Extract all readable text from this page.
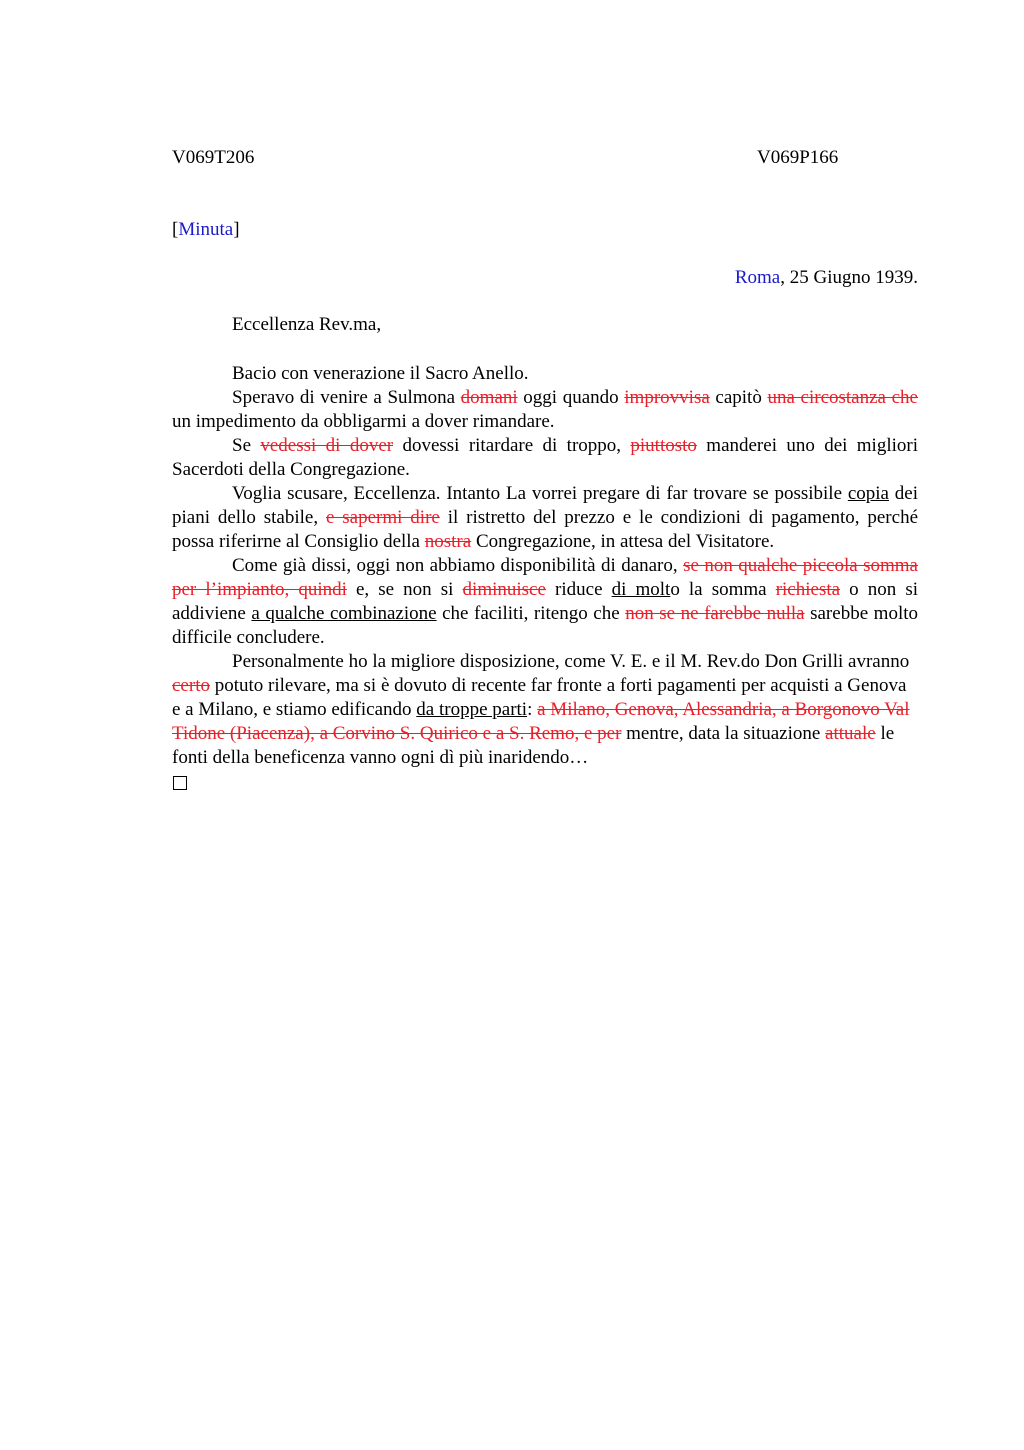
V069T206	V069P166
[Minuta]
Roma, 25 Giugno 1939.
Eccellenza Rev.ma,

Bacio con venerazione il Sacro Anello.

Speravo di venire a Sulmona domani oggi quando improvvisa capitò una circostanza che un impedimento da obbligarmi a dover rimandare.

Se vedessi di dover dovessi ritardare di troppo, piuttosto manderei uno dei migliori Sacerdoti della Congregazione.

Voglia scusare, Eccellenza. Intanto La vorrei pregare di far trovare se possibile copia dei piani dello stabile, e sapermi dire il ristretto del prezzo e le condizioni di pagamento, perché possa riferirne al Consiglio della nostra Congregazione, in attesa del Visitatore.

Come già dissi, oggi non abbiamo disponibilità di danaro, se non qualche piccola somma per l’impianto, quindi e, se non si diminuisce riduce di molto la somma richiesta o non si addiviene a qualche combinazione che faciliti, ritengo che non se ne farebbe nulla sarebbe molto difficile concludere.

Personalmente ho la migliore disposizione, come V. E. e il M. Rev.do Don Grilli avranno certo potuto rilevare, ma si è dovuto di recente far fronte a forti pagamenti per acquisti a Genova e a Milano, e stiamo edificando da troppe parti: a Milano, Genova, Alessandria, a Borgonovo Val Tidone (Piacenza), a Corvino S. Quirico e a S. Remo, e per mentre, data la situazione attuale le fonti della beneficenza vanno ogni dì più inaridendo…
